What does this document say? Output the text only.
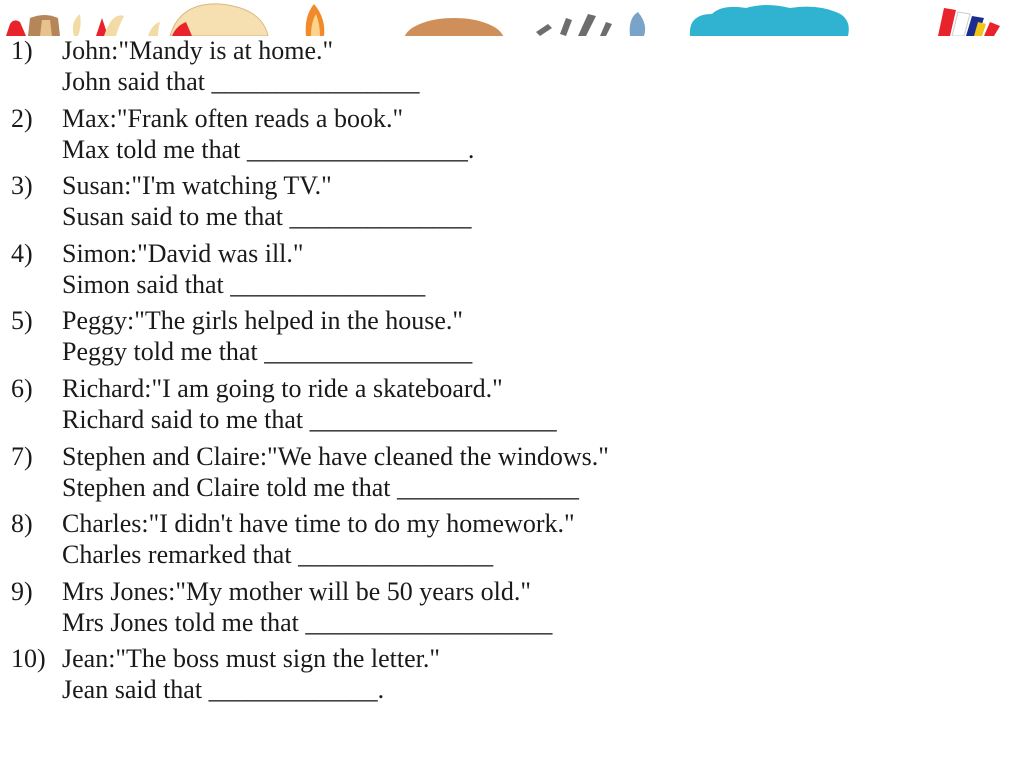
1) John:"Mandy is at home."
John said that ________________
2) Max:"Frank often reads a book."
Max told me that _________________.
3) Susan:"I'm watching TV."
Susan said to me that ______________
4) Simon:"David was ill."
Simon said that _______________
5) Peggy:"The girls helped in the house."
Peggy told me that ________________
6) Richard:"I am going to ride a skateboard."
Richard said to me that ___________________
7) Stephen and Claire:"We have cleaned the windows."
Stephen and Claire told me that ______________
8) Charles:"I didn't have time to do my homework."
Charles remarked that _______________
9) Mrs Jones:"My mother will be 50 years old."
Mrs Jones told me that ___________________
10) Jean:"The boss must sign the letter."
Jean said that _____________.
